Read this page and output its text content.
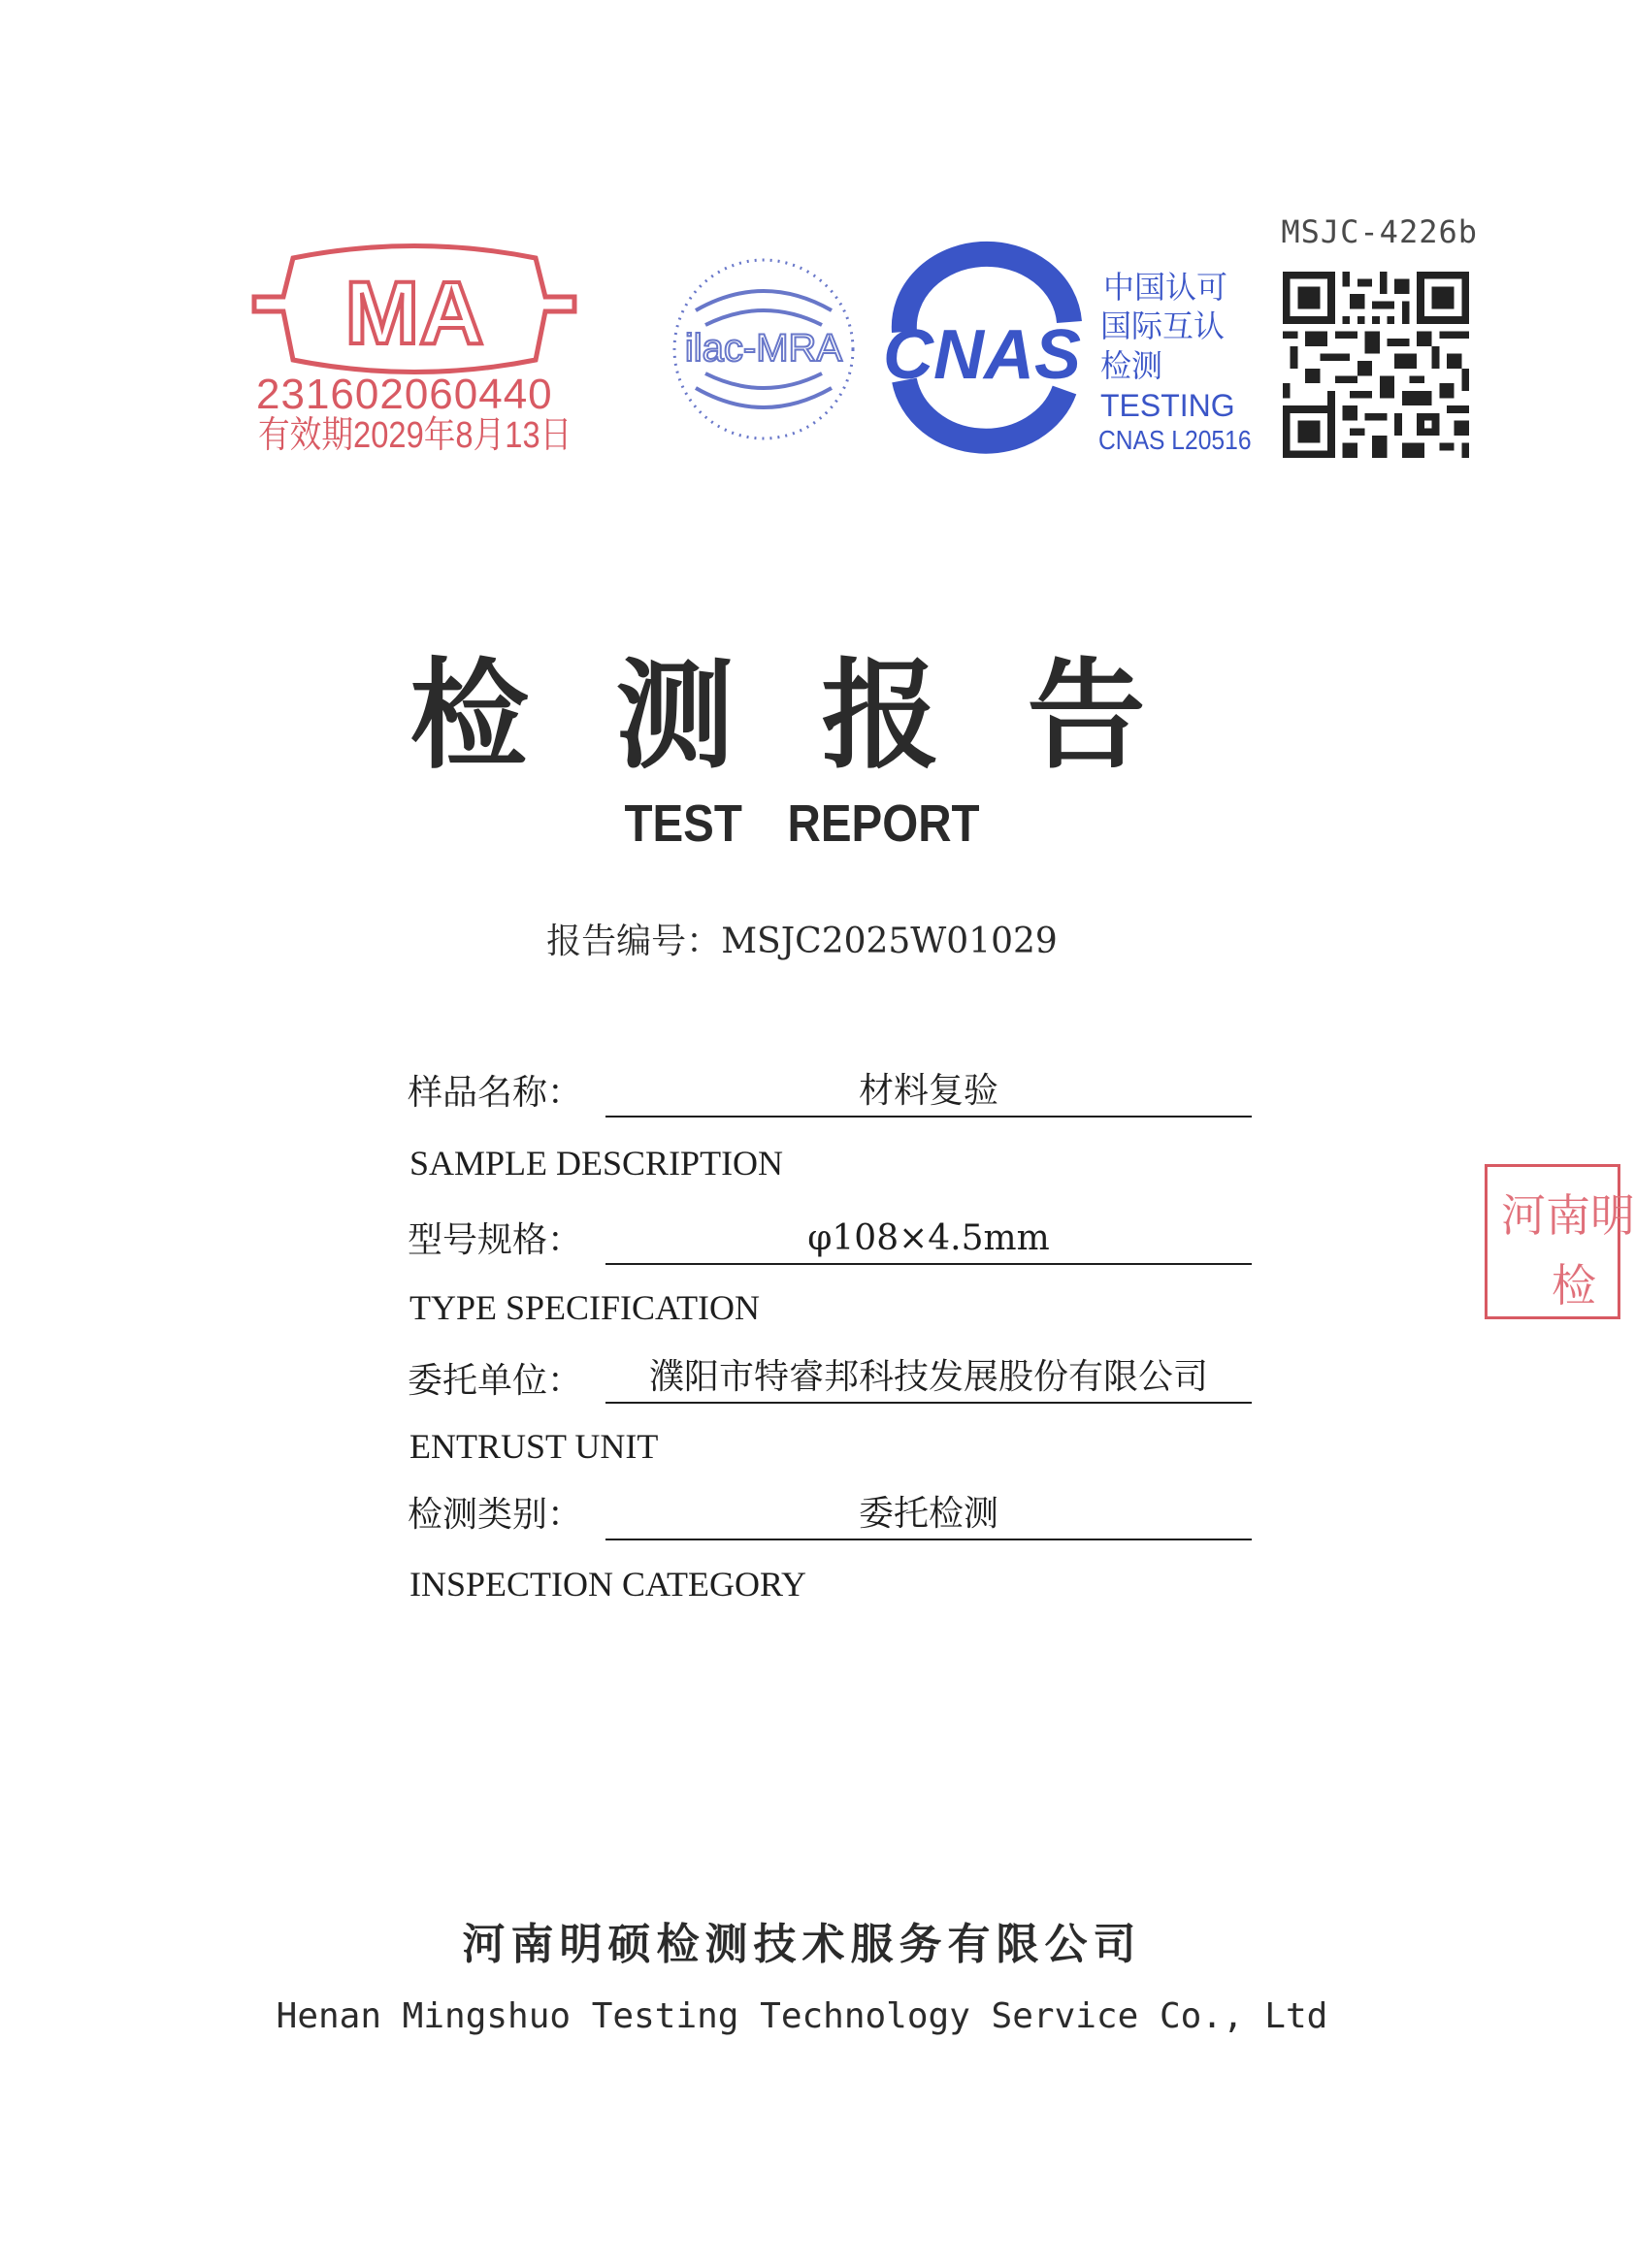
MSJC-4226b
MA
231602060440
有效期2029年8月13日
ilac-MRA CNAS
中国认可
国际互认
检测
TESTING
CNAS L20516
检测报告
TEST REPORT
报告编号：MSJC2025W01029
样品名称：	材料复验
SAMPLE DESCRIPTION
型号规格：	φ108×4.5mm
TYPE SPECIFICATION
委托单位：	濮阳市特睿邦科技发展股份有限公司
ENTRUST UNIT
检测类别：	委托检测
INSPECTION CATEGORY
河南明
检
河南明硕检测技术服务有限公司
Henan Mingshuo Testing Technology Service Co., Ltd
